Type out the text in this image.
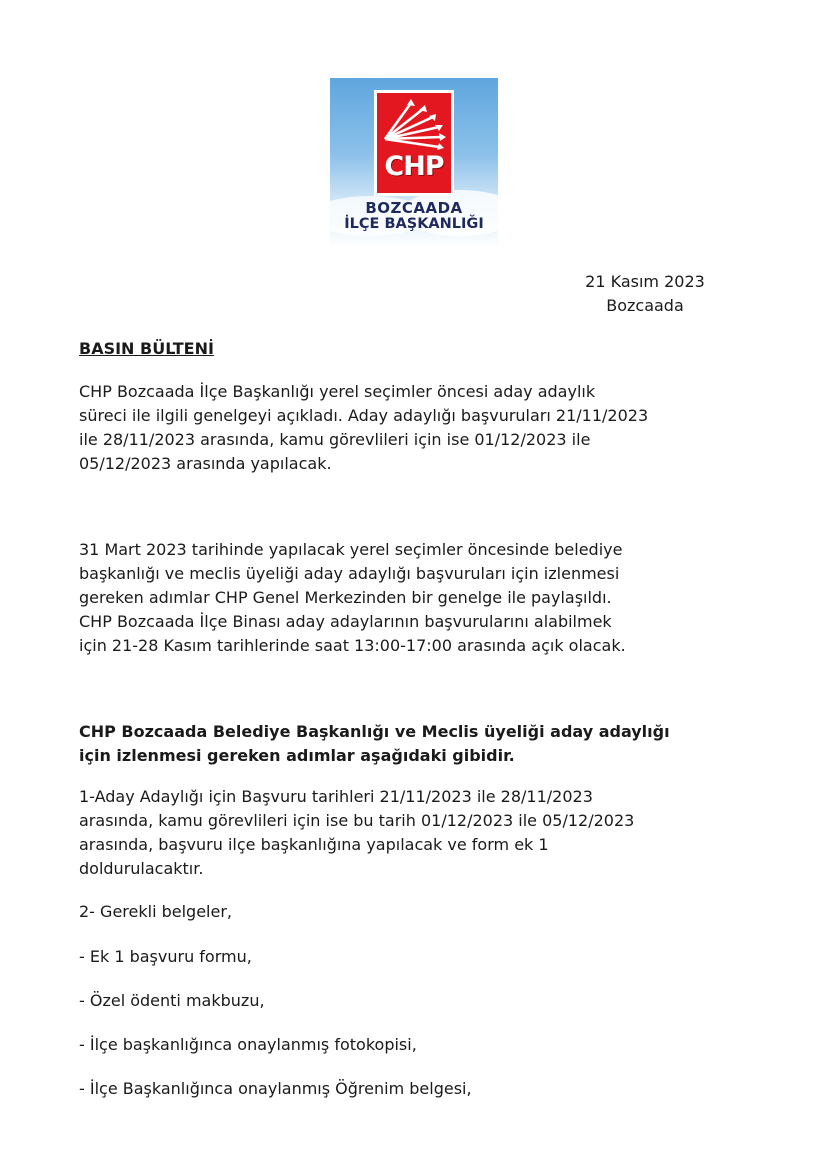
CHP
BOZCAADA
İLÇE BAŞKANLIĞI
21 Kasım 2023
Bozcaada
BASIN BÜLTENİ
CHP Bozcaada İlçe Başkanlığı yerel seçimler öncesi aday adaylık
süreci ile ilgili genelgeyi açıkladı. Aday adaylığı başvuruları 21/11/2023
ile 28/11/2023 arasında, kamu görevlileri için ise 01/12/2023 ile
05/12/2023 arasında yapılacak.
31 Mart 2023 tarihinde yapılacak yerel seçimler öncesinde belediye
başkanlığı ve meclis üyeliği aday adaylığı başvuruları için izlenmesi
gereken adımlar CHP Genel Merkezinden bir genelge ile paylaşıldı.
CHP Bozcaada İlçe Binası aday adaylarının başvurularını alabilmek
için 21-28 Kasım tarihlerinde saat 13:00-17:00 arasında açık olacak.
CHP Bozcaada Belediye Başkanlığı ve Meclis üyeliği aday adaylığı
için izlenmesi gereken adımlar aşağıdaki gibidir.
1-Aday Adaylığı için Başvuru tarihleri 21/11/2023 ile 28/11/2023
arasında, kamu görevlileri için ise bu tarih 01/12/2023 ile 05/12/2023
arasında, başvuru ilçe başkanlığına yapılacak ve form ek 1
doldurulacaktır.
2- Gerekli belgeler,
- Ek 1 başvuru formu,
- Özel ödenti makbuzu,
- İlçe başkanlığınca onaylanmış fotokopisi,
- İlçe Başkanlığınca onaylanmış Öğrenim belgesi,
